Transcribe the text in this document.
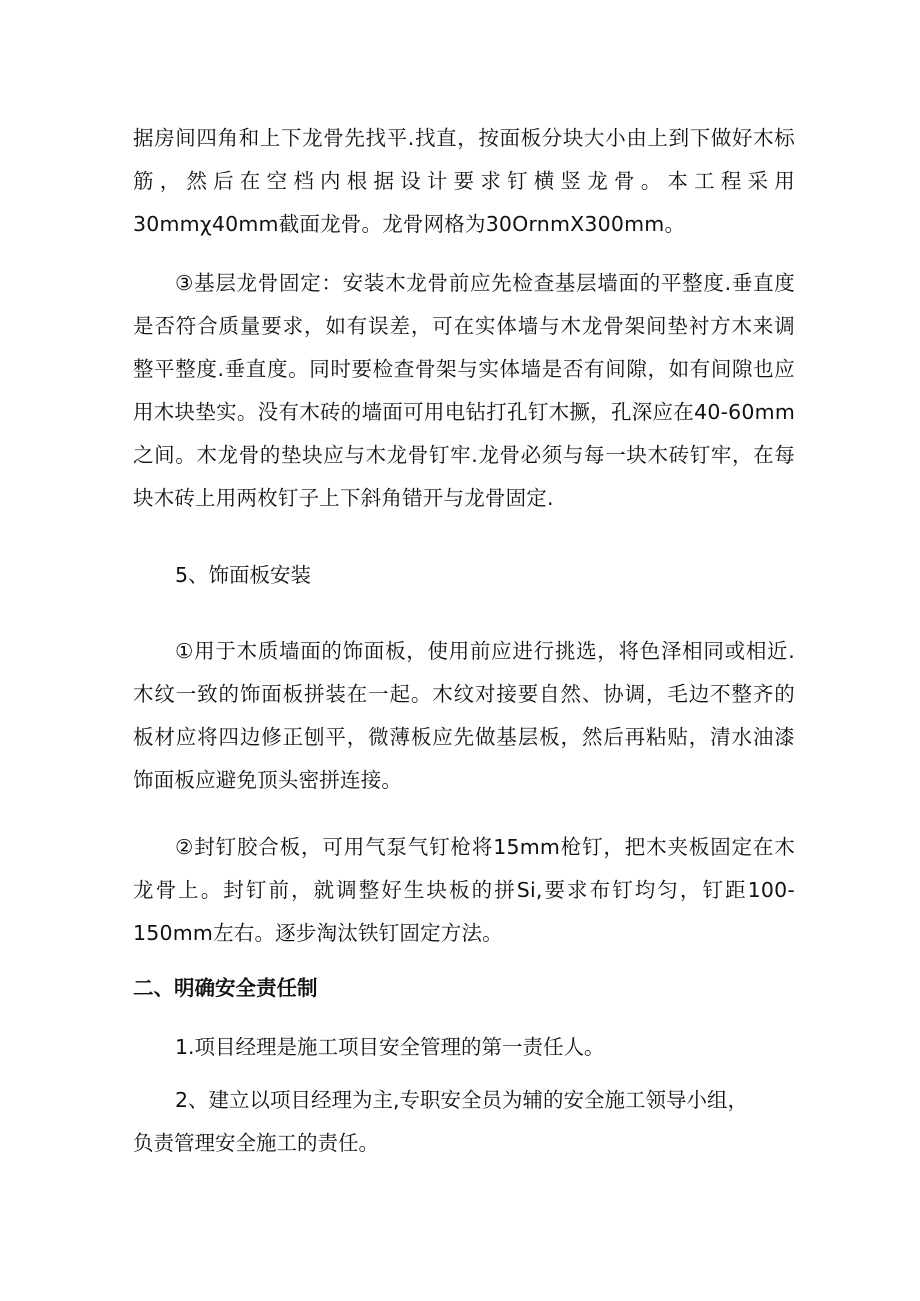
据房间四角和上下龙骨先找平.找直，按面板分块大小由上到下做好木标筋，然后在空档内根据设计要求钉横竖龙骨。本工程采用30mmχ40mm截面龙骨。龙骨网格为30OrnmX300mm。

③基层龙骨固定：安装木龙骨前应先检查基层墙面的平整度.垂直度是否符合质量要求，如有误差，可在实体墙与木龙骨架间垫衬方木来调整平整度.垂直度。同时要检查骨架与实体墙是否有间隙，如有间隙也应用木块垫实。没有木砖的墙面可用电钻打孔钉木撅，孔深应在40-60mm之间。木龙骨的垫块应与木龙骨钉牢.龙骨必须与每一块木砖钉牢，在每块木砖上用两枚钉子上下斜角错开与龙骨固定.

5、饰面板安装

①用于木质墙面的饰面板，使用前应进行挑选，将色泽相同或相近.木纹一致的饰面板拼装在一起。木纹对接要自然、协调，毛边不整齐的板材应将四边修正刨平，微薄板应先做基层板，然后再粘贴，清水油漆饰面板应避免顶头密拼连接。

②封钉胶合板，可用气泵气钉枪将15mm枪钉，把木夹板固定在木龙骨上。封钉前，就调整好生块板的拼Si,要求布钉均匀，钉距100-150mm左右。逐步淘汰铁钉固定方法。

二、明确安全责任制

1.项目经理是施工项目安全管理的第一责任人。

2、建立以项目经理为主,专职安全员为辅的安全施工领导小组，

负责管理安全施工的责任。
